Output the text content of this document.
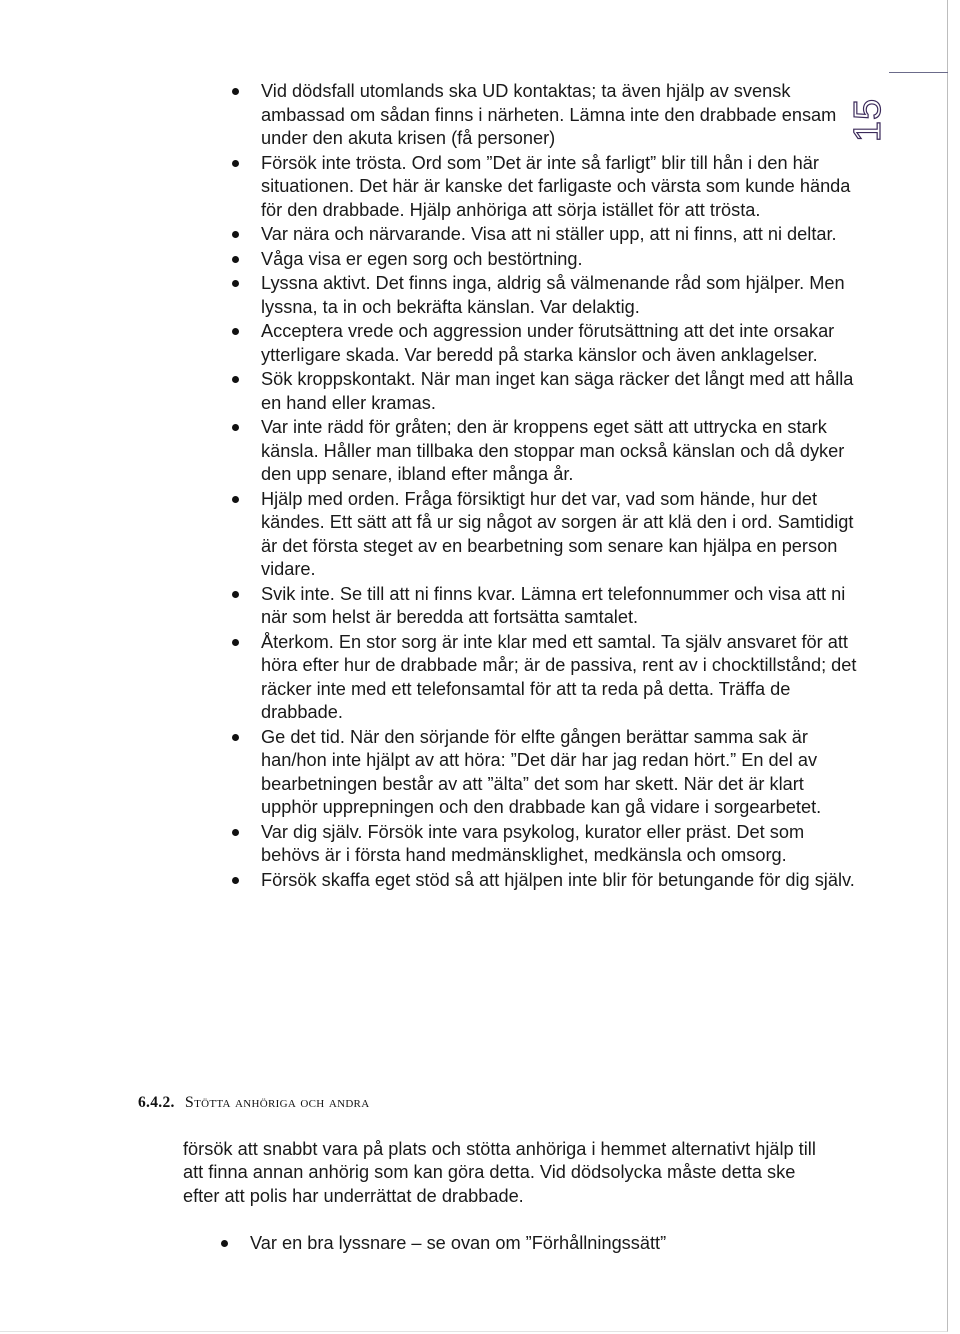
15
Vid dödsfall utomlands ska UD kontaktas; ta även hjälp av svensk ambassad om sådan finns i närheten. Lämna inte den drabbade ensam under den akuta krisen (få personer)
Försök inte trösta. Ord som ”Det är inte så farligt” blir till hån i den här situationen. Det här är kanske det farligaste och värsta som kunde hända för den drabbade. Hjälp anhöriga att sörja istället för att trösta.
Var nära och närvarande. Visa att ni ställer upp, att ni finns, att ni deltar.
Våga visa er egen sorg och bestörtning.
Lyssna aktivt. Det finns inga, aldrig så välmenande råd som hjälper. Men lyssna, ta in och bekräfta känslan. Var delaktig.
Acceptera vrede och aggression under förutsättning att det inte orsakar ytterligare skada. Var beredd på starka känslor och även anklagelser.
Sök kroppskontakt. När man inget kan säga räcker det långt med att hålla en hand eller kramas.
Var inte rädd för gråten; den är kroppens eget sätt att uttrycka en stark känsla. Håller man tillbaka den stoppar man också känslan och då dyker den upp senare, ibland efter många år.
Hjälp med orden. Fråga försiktigt hur det var, vad som hände, hur det kändes. Ett sätt att få ur sig något av sorgen är att klä den i ord. Samtidigt är det första steget av en bearbetning som senare kan hjälpa en person vidare.
Svik inte. Se till att ni finns kvar. Lämna ert telefonnummer och visa att ni när som helst är beredda att fortsätta samtalet.
Återkom. En stor sorg är inte klar med ett samtal. Ta själv ansvaret för att höra efter hur de drabbade mår; är de passiva, rent av i chocktillstånd; det räcker inte med ett telefonsamtal för att ta reda på detta. Träffa de drabbade.
Ge det tid. När den sörjande för elfte gången berättar samma sak är han/hon inte hjälpt av att höra: ”Det där har jag redan hört.” En del av bearbetningen består av att ”älta” det som har skett. När det är klart upphör upprepningen och den drabbade kan gå vidare i sorgearbetet.
Var dig själv. Försök inte vara psykolog, kurator eller präst. Det som behövs är i första hand medmänsklighet, medkänsla och omsorg.
Försök skaffa eget stöd så att hjälpen inte blir för betungande för dig själv.
6.4.2. Stötta anhöriga och andra
försök att snabbt vara på plats och stötta anhöriga i hemmet alternativt hjälp till att finna annan anhörig som kan göra detta. Vid dödsolycka måste detta ske efter att polis har underrättat de drabbade.
Var en bra lyssnare – se ovan om ”Förhållningssätt”
